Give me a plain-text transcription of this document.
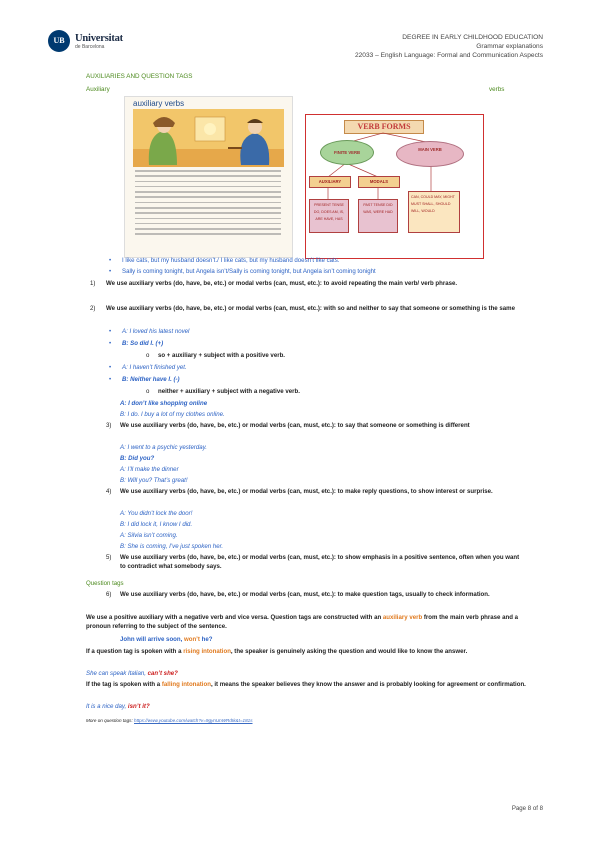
UB Universitat
de Barcelona
DEGREE IN EARLY CHILDHOOD EDUCATION
Grammar explanations
22033 – English Language: Formal and Communication Aspects
AUXILIARIES AND QUESTION TAGS
Auxiliary	verbs
auxiliary verbs
VERB FORMS
FINITE VERB
MAIN VERB
AUXILIARY	MODALS
PRESENT TENSE DO, DOES AM, IS, ARE HAVE, HAS
PAST TENSE DID WAS, WERE HAD
CAN, COULD MAY, MIGHT MUST SHALL, SHOULD WILL, WOULD
• I like cats, but my husband doesn’t./ I like cats, but my husband doesn’t like cats.
• Sally is coming tonight, but Angela isn’t/Sally is coming tonight, but Angela isn’t coming tonight
1) We use auxiliary verbs (do, have, be, etc.) or modal verbs (can, must, etc.): to avoid repeating the main verb/ verb phrase.
2) We use auxiliary verbs (do, have, be, etc.) or modal verbs (can, must, etc.): with so and neither to say that someone or something is the same
• A: I loved his latest novel
• B: So did I. (+)
o so + auxiliary + subject with a positive verb.
• A: I haven’t finished yet.
• B: Neither have I. (-)
o neither + auxiliary + subject with a negative verb.
A: I don’t like shopping online
B: I do. I buy a lot of my clothes online.
3) We use auxiliary verbs (do, have, be, etc.) or modal verbs (can, must, etc.): to say that someone or something is different
A: I went to a psychic yesterday.
B: Did you?
A: I’ll make the dinner
B: Will you? That’s great!
4) We use auxiliary verbs (do, have, be, etc.) or modal verbs (can, must, etc.): to make reply questions, to show interest or surprise.
A: You didn’t lock the door!
B: I did lock it, I know I did.
A: Silvia isn’t coming.
B: She is coming, I’ve just spoken her.
5) We use auxiliary verbs (do, have, be, etc.) or modal verbs (can, must, etc.): to show emphasis in a positive sentence, often when you want to contradict what somebody says.
Question tags
6) We use auxiliary verbs (do, have, be, etc.) or modal verbs (can, must, etc.): to make question tags, usually to check information.
We use a positive auxiliary with a negative verb and vice versa. Question tags are constructed with an auxiliary verb from the main verb phrase and a pronoun referring to the subject of the sentence.
John will arrive soon, won’t he?
If a question tag is spoken with a rising intonation, the speaker is genuinely asking the question and would like to know the answer.
She can speak Italian, can’t she?
If the tag is spoken with a falling intonation, it means the speaker believes they know the answer and is probably looking for agreement or confirmation.
It is a nice day, isn’t it?
More on question tags: https://www.youtube.com/watch?v=9gynUnWRdIk&t=181s
Page 8 of 8
